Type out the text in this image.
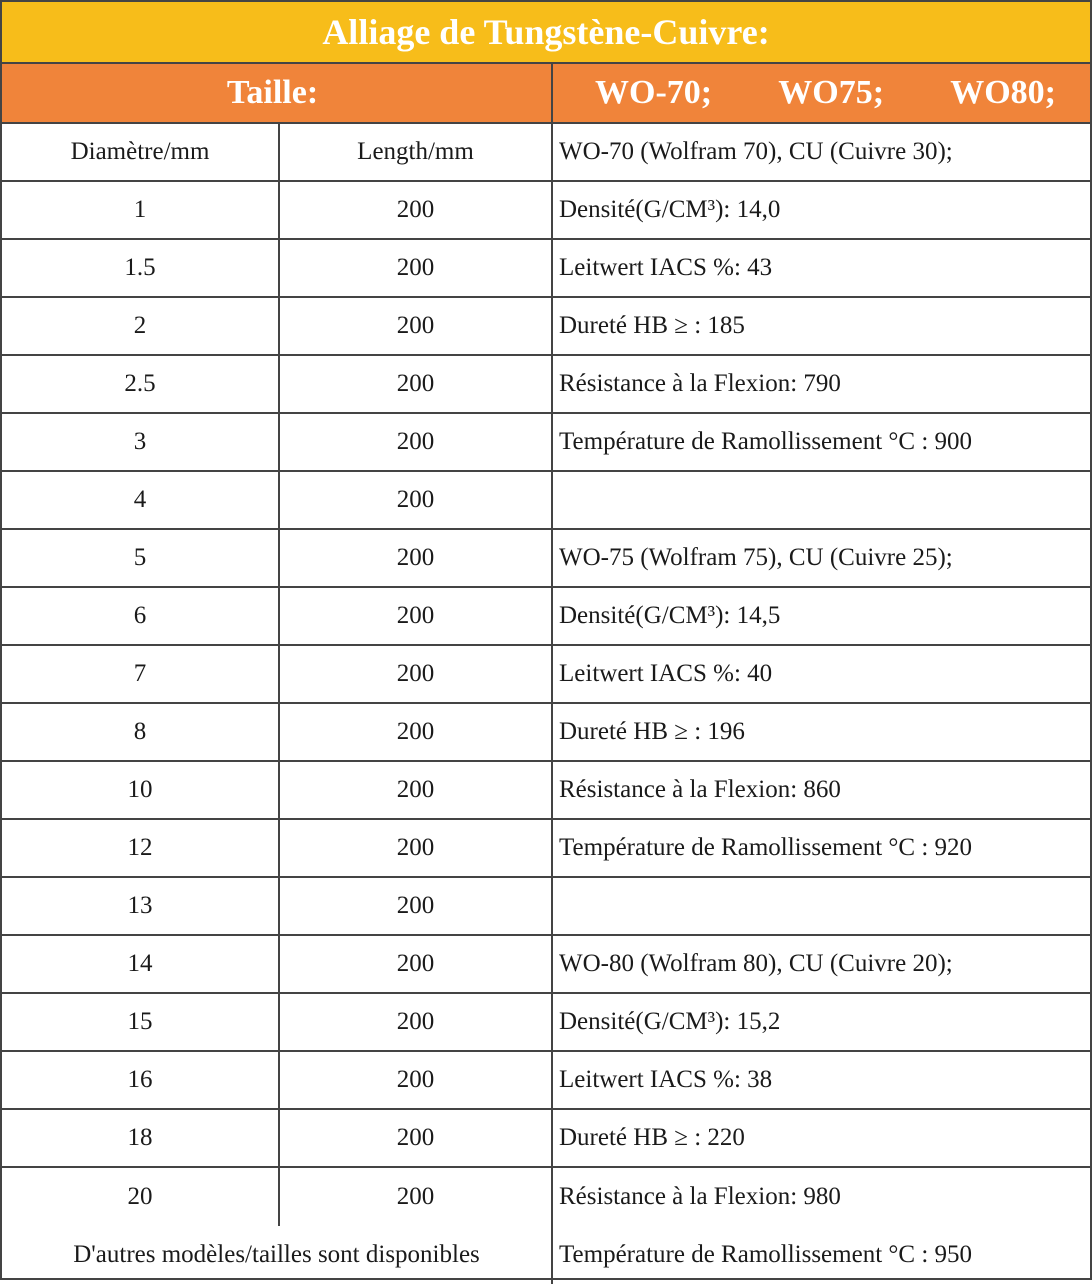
Alliage de Tungstène-Cuivre:
Taille:	WO-70; WO75; WO80;
Diamètre/mm	Length/mm	WO-70 (Wolfram 70), CU (Cuivre 30);
1	200	Densité(G/CM³): 14,0
1.5	200	Leitwert IACS %: 43
2	200	Dureté HB ≥ : 185
2.5	200	Résistance à la Flexion: 790
3	200	Température de Ramollissement °C : 900
4	200
5	200	WO-75 (Wolfram 75), CU (Cuivre 25);
6	200	Densité(G/CM³): 14,5
7	200	Leitwert IACS %: 40
8	200	Dureté HB ≥ : 196
10	200	Résistance à la Flexion: 860
12	200	Température de Ramollissement °C : 920
13	200
14	200	WO-80 (Wolfram 80), CU (Cuivre 20);
15	200	Densité(G/CM³): 15,2
16	200	Leitwert IACS %: 38
18	200	Dureté HB ≥ : 220
20	200	Résistance à la Flexion: 980
D'autres modèles/tailles sont disponibles	Température de Ramollissement °C : 950
